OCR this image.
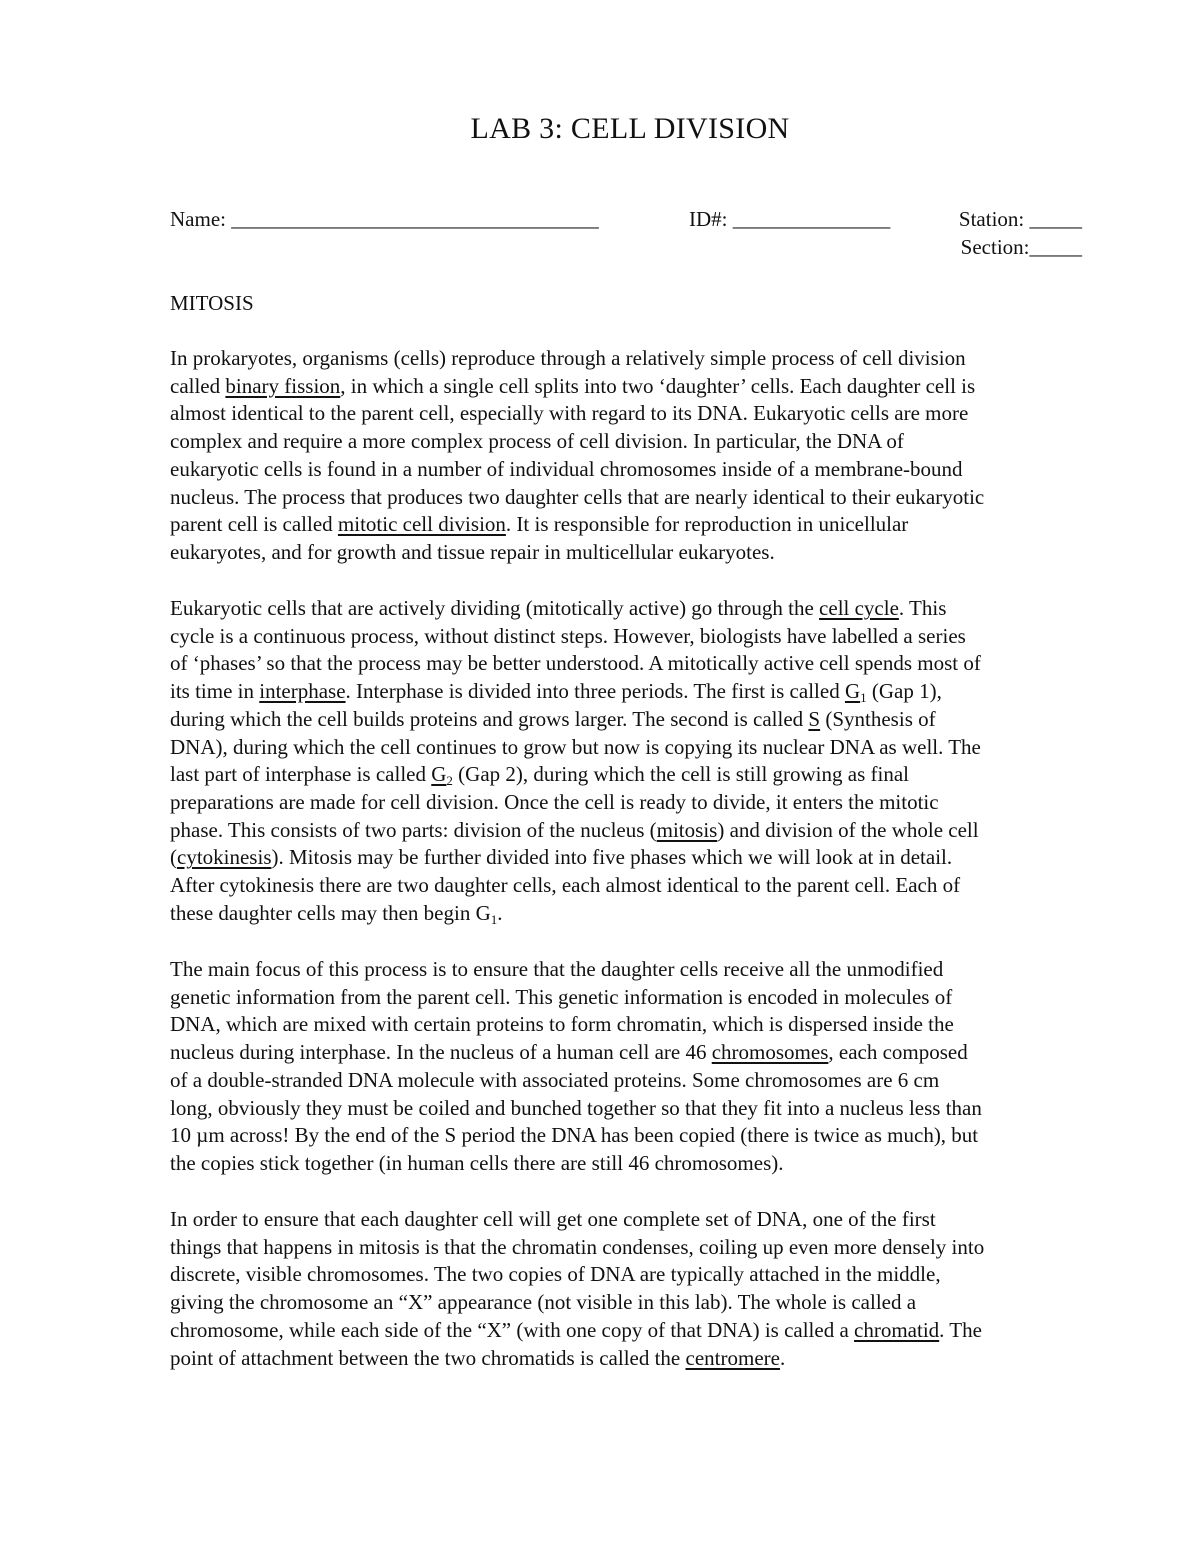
LAB 3: CELL DIVISION
Name: ___________________________________	ID#: _______________	Station: _____
Section:_____
MITOSIS

In prokaryotes, organisms (cells) reproduce through a relatively simple process of cell division
called binary fission, in which a single cell splits into two ‘daughter’ cells. Each daughter cell is
almost identical to the parent cell, especially with regard to its DNA. Eukaryotic cells are more
complex and require a more complex process of cell division. In particular, the DNA of
eukaryotic cells is found in a number of individual chromosomes inside of a membrane-bound
nucleus. The process that produces two daughter cells that are nearly identical to their eukaryotic
parent cell is called mitotic cell division. It is responsible for reproduction in unicellular
eukaryotes, and for growth and tissue repair in multicellular eukaryotes.

Eukaryotic cells that are actively dividing (mitotically active) go through the cell cycle. This
cycle is a continuous process, without distinct steps. However, biologists have labelled a series
of ‘phases’ so that the process may be better understood. A mitotically active cell spends most of
its time in interphase. Interphase is divided into three periods. The first is called $G_1$ (Gap 1),
during which the cell builds proteins and grows larger. The second is called S (Synthesis of
DNA), during which the cell continues to grow but now is copying its nuclear DNA as well. The
last part of interphase is called $G_2$ (Gap 2), during which the cell is still growing as final
preparations are made for cell division. Once the cell is ready to divide, it enters the mitotic
phase. This consists of two parts: division of the nucleus (mitosis) and division of the whole cell
(cytokinesis). Mitosis may be further divided into five phases which we will look at in detail.
After cytokinesis there are two daughter cells, each almost identical to the parent cell. Each of
these daughter cells may then begin $G_1$.

The main focus of this process is to ensure that the daughter cells receive all the unmodified
genetic information from the parent cell. This genetic information is encoded in molecules of
DNA, which are mixed with certain proteins to form chromatin, which is dispersed inside the
nucleus during interphase. In the nucleus of a human cell are 46 chromosomes, each composed
of a double-stranded DNA molecule with associated proteins. Some chromosomes are 6 cm
long, obviously they must be coiled and bunched together so that they fit into a nucleus less than
10 µm across! By the end of the S period the DNA has been copied (there is twice as much), but
the copies stick together (in human cells there are still 46 chromosomes).

In order to ensure that each daughter cell will get one complete set of DNA, one of the first
things that happens in mitosis is that the chromatin condenses, coiling up even more densely into
discrete, visible chromosomes. The two copies of DNA are typically attached in the middle,
giving the chromosome an “X” appearance (not visible in this lab). The whole is called a
chromosome, while each side of the “X” (with one copy of that DNA) is called a chromatid. The
point of attachment between the two chromatids is called the centromere.
